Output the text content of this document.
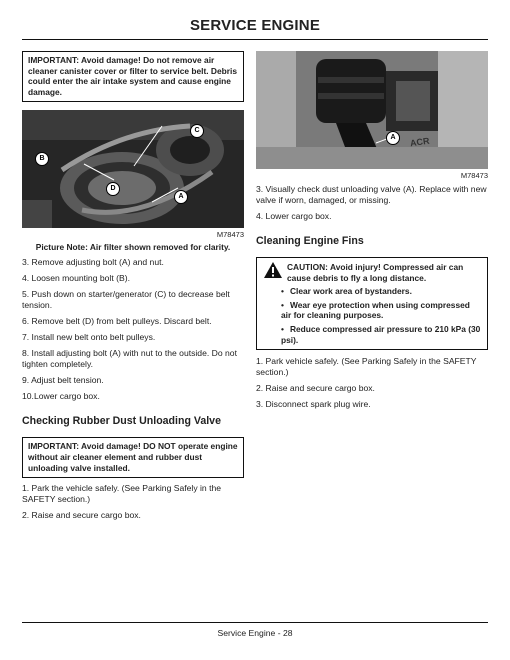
SERVICE ENGINE
IMPORTANT: Avoid damage! Do not remove air cleaner canister cover or filter to service belt. Debris could enter the air intake system and cause engine damage.
C
B
D
A
M78473
Picture Note: Air filter shown removed for clarity.
3. Remove adjusting bolt (A) and nut.
4. Loosen mounting bolt (B).
5. Push down on starter/generator (C) to decrease belt tension.
6. Remove belt (D) from belt pulleys. Discard belt.
7. Install new belt onto belt pulleys.
8. Install adjusting bolt (A) with nut to the outside. Do not tighten completely.
9. Adjust belt tension.
10.Lower cargo box.
Checking Rubber Dust Unloading Valve
IMPORTANT: Avoid damage! DO NOT operate engine without air cleaner element and rubber dust unloading valve installed.
1. Park the vehicle safely. (See Parking Safely in the SAFETY section.)
2. Raise and secure cargo box.
A	ACR
M78473
3. Visually check dust unloading valve (A). Replace with new valve if worn, damaged, or missing.
4. Lower cargo box.
Cleaning Engine Fins
CAUTION: Avoid injury! Compressed air can cause debris to fly a long distance.
• Clear work area of bystanders.
• Wear eye protection when using compressed air for cleaning purposes.
• Reduce compressed air pressure to 210 kPa (30 psi).
1. Park vehicle safely. (See Parking Safely in the SAFETY section.)
2. Raise and secure cargo box.
3. Disconnect spark plug wire.
Service Engine - 28
